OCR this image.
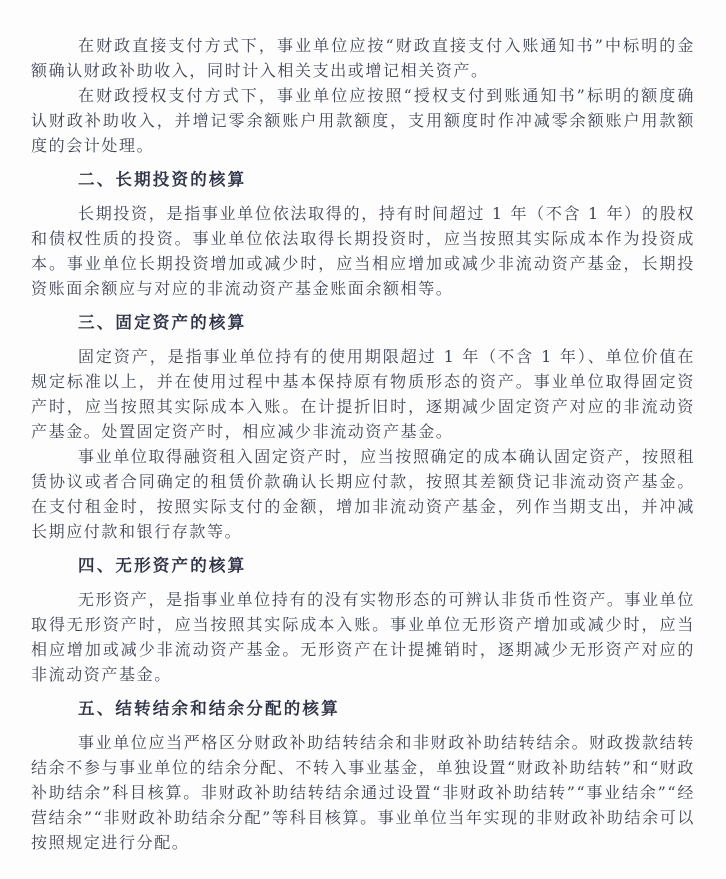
在财政直接支付方式下，事业单位应按“财政直接支付入账通知书”中标明的金额确认财政补助收入，同时计入相关支出或增记相关资产。

在财政授权支付方式下，事业单位应按照“授权支付到账通知书”标明的额度确认财政补助收入，并增记零余额账户用款额度，支用额度时作冲减零余额账户用款额度的会计处理。

二、长期投资的核算

长期投资，是指事业单位依法取得的，持有时间超过 1 年（不含 1 年）的股权和债权性质的投资。事业单位依法取得长期投资时，应当按照其实际成本作为投资成本。事业单位长期投资增加或减少时，应当相应增加或减少非流动资产基金，长期投资账面余额应与对应的非流动资产基金账面余额相等。

三、固定资产的核算

固定资产，是指事业单位持有的使用期限超过 1 年（不含 1 年）、单位价值在规定标准以上，并在使用过程中基本保持原有物质形态的资产。事业单位取得固定资产时，应当按照其实际成本入账。在计提折旧时，逐期减少固定资产对应的非流动资产基金。处置固定资产时，相应减少非流动资产基金。

事业单位取得融资租入固定资产时，应当按照确定的成本确认固定资产，按照租赁协议或者合同确定的租赁价款确认长期应付款，按照其差额贷记非流动资产基金。在支付租金时，按照实际支付的金额，增加非流动资产基金，列作当期支出，并冲减长期应付款和银行存款等。

四、无形资产的核算

无形资产，是指事业单位持有的没有实物形态的可辨认非货币性资产。事业单位取得无形资产时，应当按照其实际成本入账。事业单位无形资产增加或减少时，应当相应增加或减少非流动资产基金。无形资产在计提摊销时，逐期减少无形资产对应的非流动资产基金。

五、结转结余和结余分配的核算

事业单位应当严格区分财政补助结转结余和非财政补助结转结余。财政拨款结转结余不参与事业单位的结余分配、不转入事业基金，单独设置“财政补助结转”和“财政补助结余”科目核算。非财政补助结转结余通过设置“非财政补助结转”“事业结余”“经营结余”“非财政补助结余分配”等科目核算。事业单位当年实现的非财政补助结余可以按照规定进行分配。
